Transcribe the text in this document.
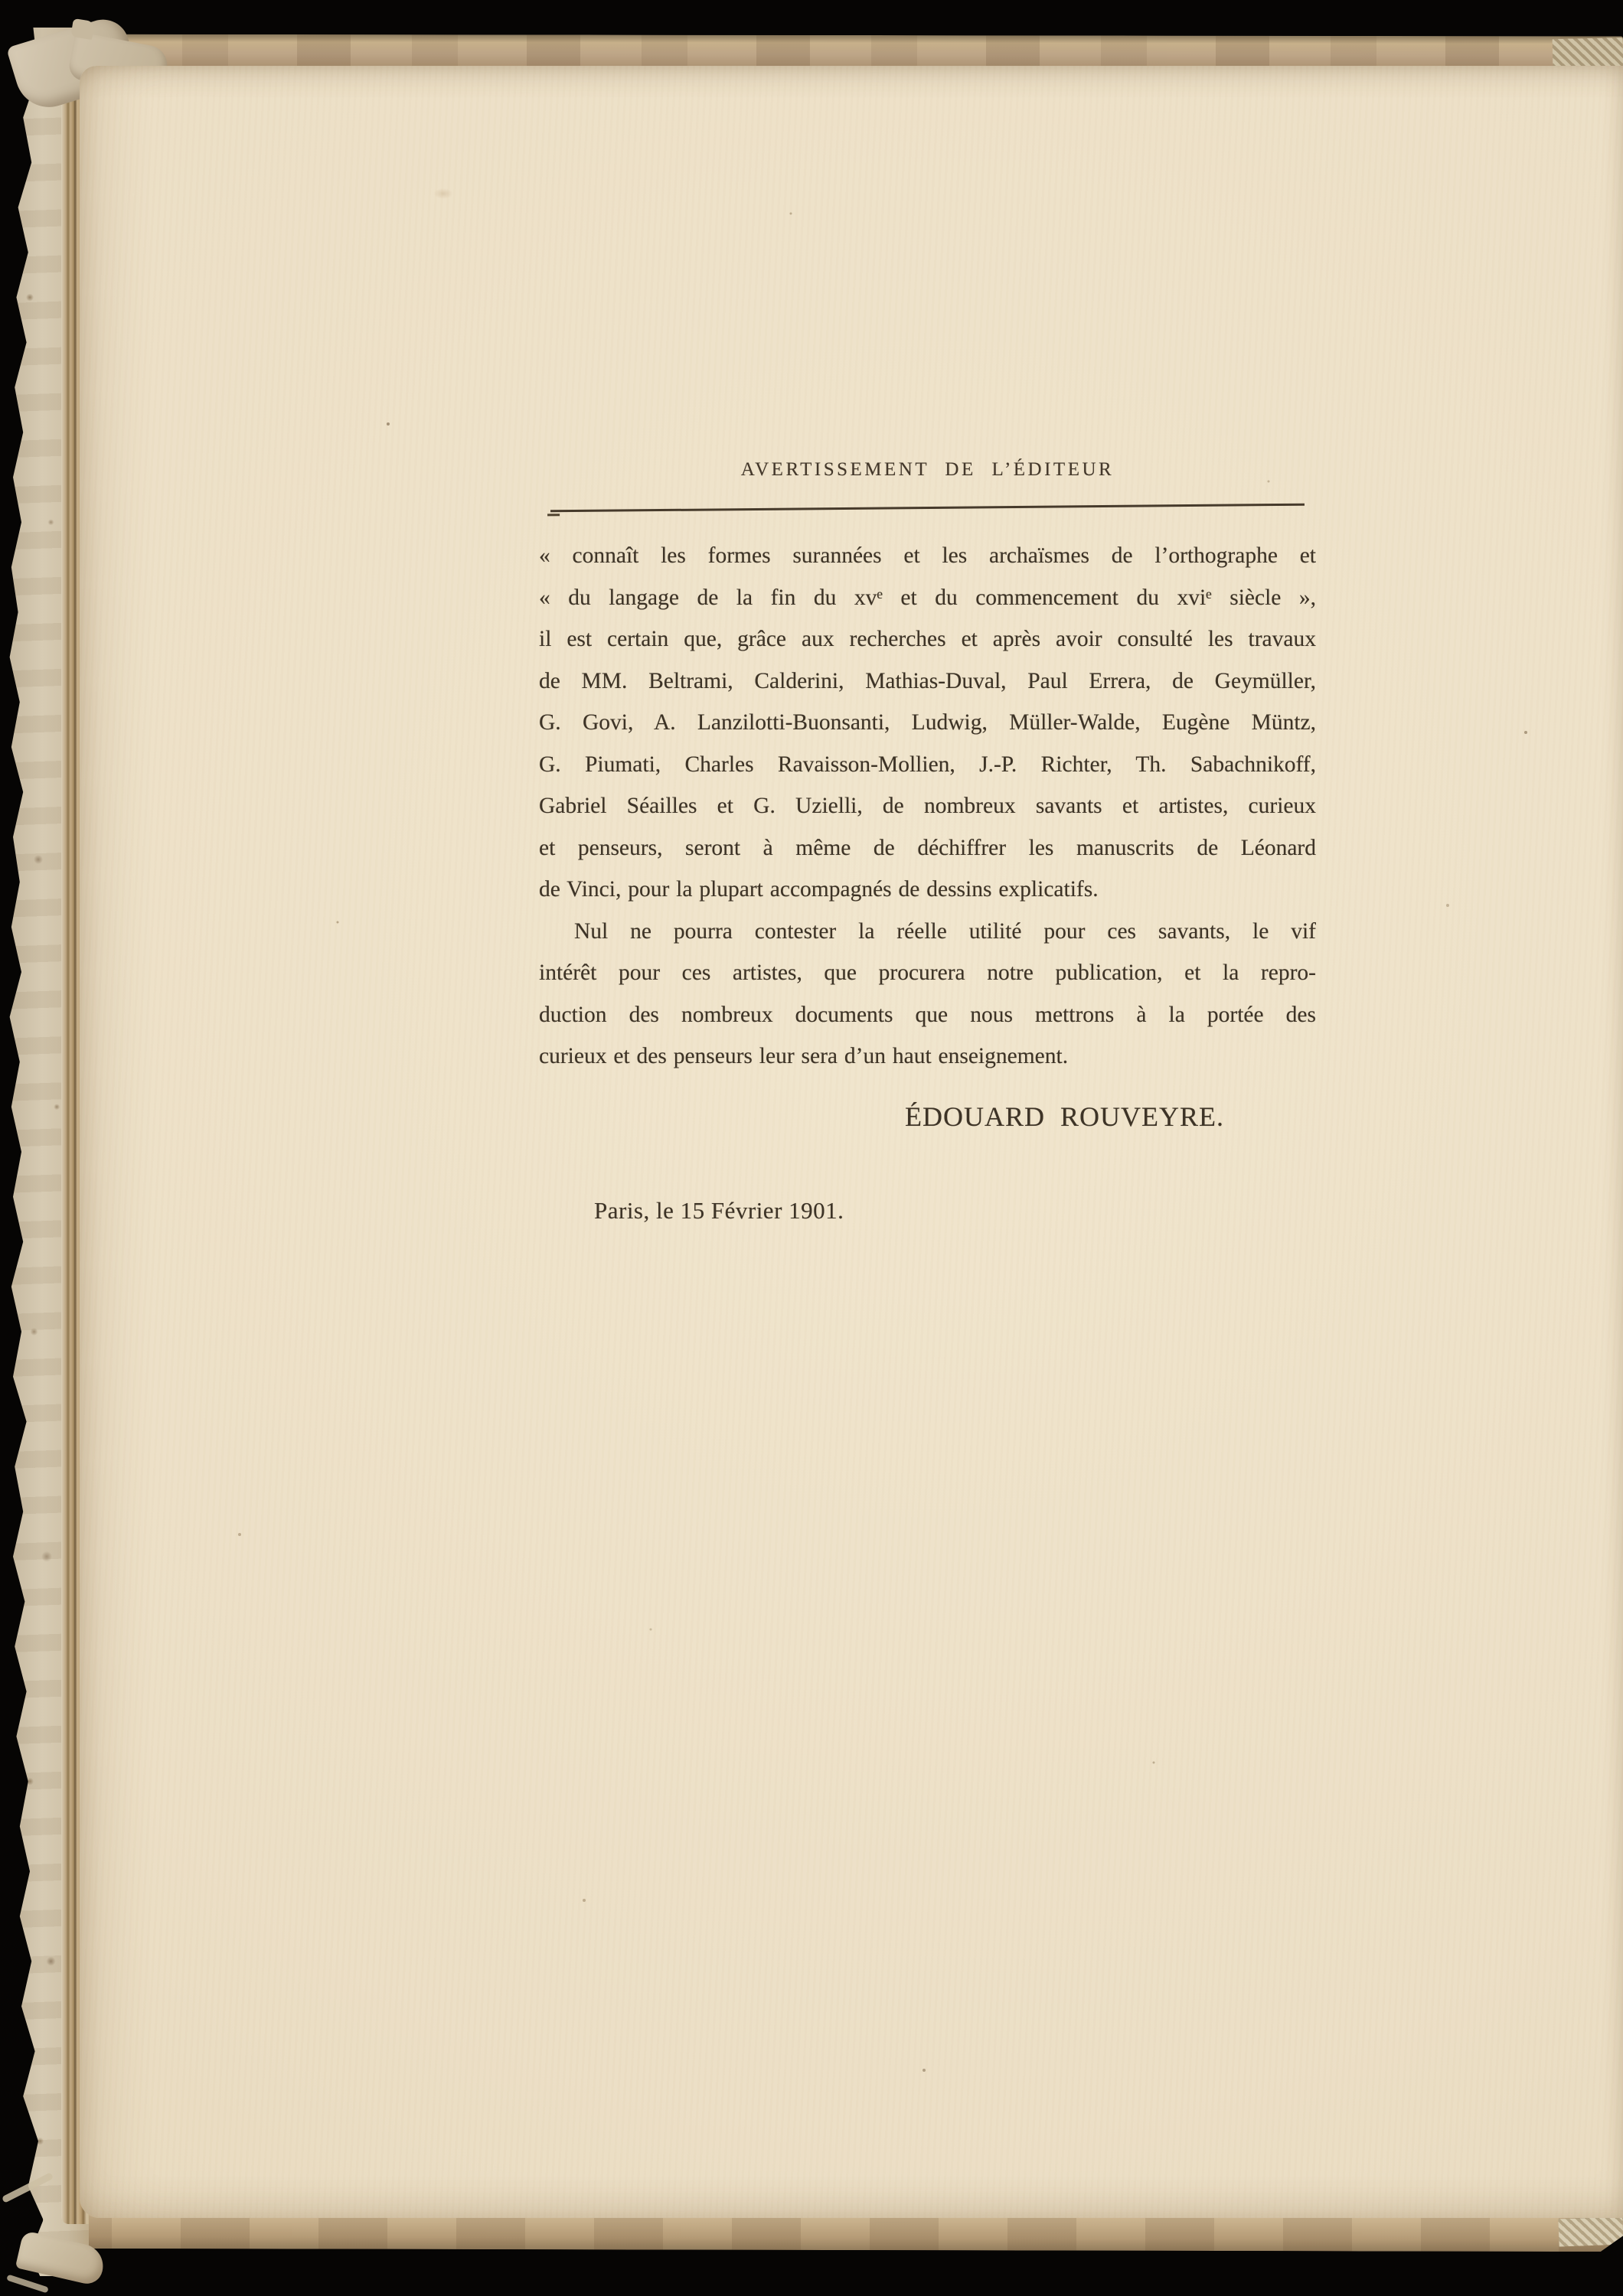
AVERTISSEMENT DE L’ÉDITEUR
« connaît les formes surannées et les archaïsmes de l’orthographe et
« du langage de la fin du xvᵉ et du commencement du xviᵉ siècle »,
il est certain que, grâce aux recherches et après avoir consulté les travaux
de MM. Beltrami, Calderini, Mathias-Duval, Paul Errera, de Geymüller,
G. Govi, A. Lanzilotti-Buonsanti, Ludwig, Müller-Walde, Eugène Müntz,
G. Piumati, Charles Ravaisson-Mollien, J.-P. Richter, Th. Sabachnikoff,
Gabriel Séailles et G. Uzielli, de nombreux savants et artistes, curieux
et penseurs, seront à même de déchiffrer les manuscrits de Léonard
de Vinci, pour la plupart accompagnés de dessins explicatifs.
Nul ne pourra contester la réelle utilité pour ces savants, le vif
intérêt pour ces artistes, que procurera notre publication, et la repro-
duction des nombreux documents que nous mettrons à la portée des
curieux et des penseurs leur sera d’un haut enseignement.
ÉDOUARD ROUVEYRE.
Paris, le 15 Février 1901.
